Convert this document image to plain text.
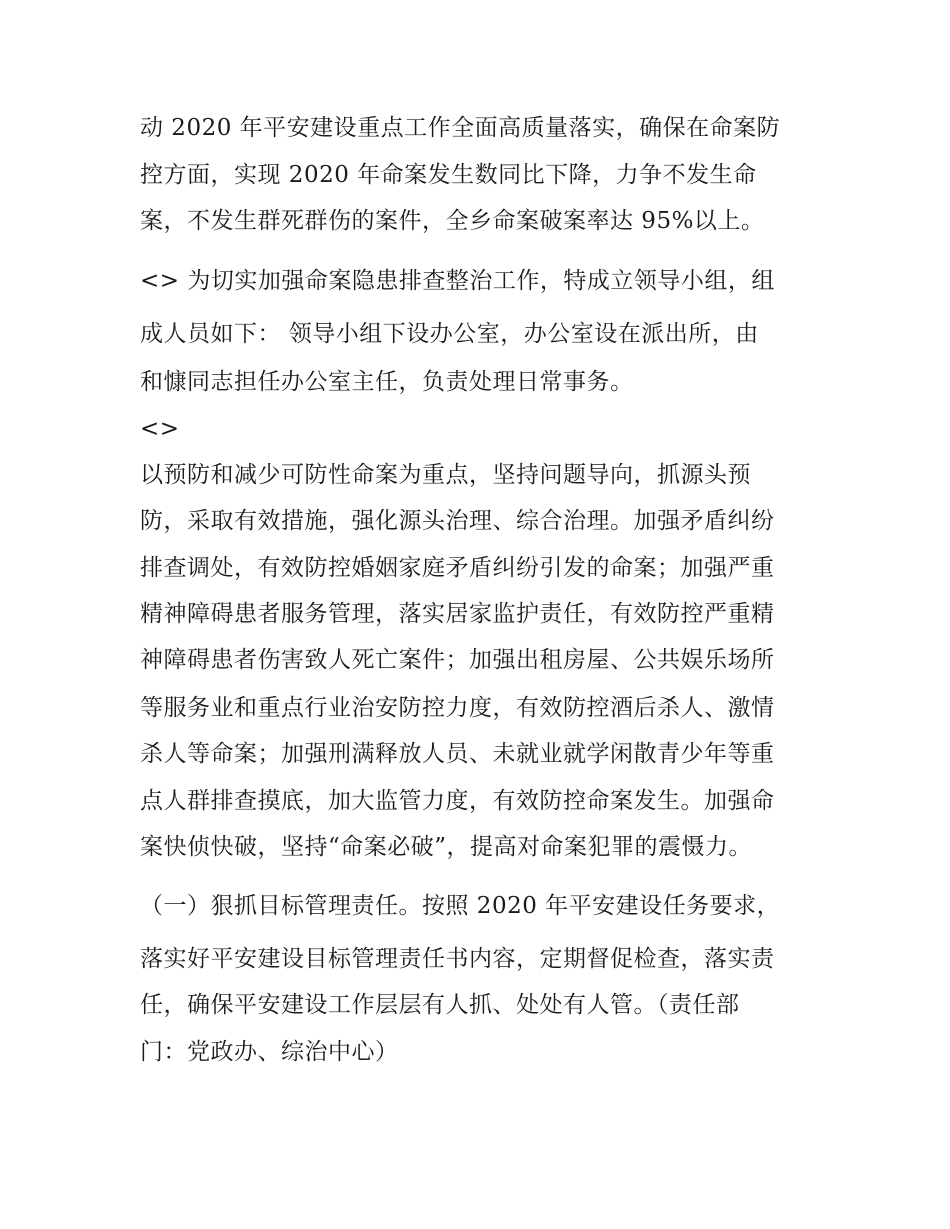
动 2020 年平安建设重点工作全面高质量落实，确保在命案防
控方面，实现 2020 年命案发生数同比下降，力争不发生命
案，不发生群死群伤的案件，全乡命案破案率达 95%以上。
<> 为切实加强命案隐患排查整治工作，特成立领导小组，组
成人员如下： 领导小组下设办公室，办公室设在派出所，由
和慷同志担任办公室主任，负责处理日常事务。
<>
以预防和减少可防性命案为重点，坚持问题导向，抓源头预
防，采取有效措施，强化源头治理、综合治理。加强矛盾纠纷
排查调处，有效防控婚姻家庭矛盾纠纷引发的命案；加强严重
精神障碍患者服务管理，落实居家监护责任，有效防控严重精
神障碍患者伤害致人死亡案件；加强出租房屋、公共娱乐场所
等服务业和重点行业治安防控力度，有效防控酒后杀人、激情
杀人等命案；加强刑满释放人员、未就业就学闲散青少年等重
点人群排查摸底，加大监管力度，有效防控命案发生。加强命
案快侦快破，坚持“命案必破”，提高对命案犯罪的震慑力。
（一）狠抓目标管理责任。按照 2020 年平安建设任务要求，
落实好平安建设目标管理责任书内容，定期督促检查，落实责
任，确保平安建设工作层层有人抓、处处有人管。（责任部
门：党政办、综治中心）
